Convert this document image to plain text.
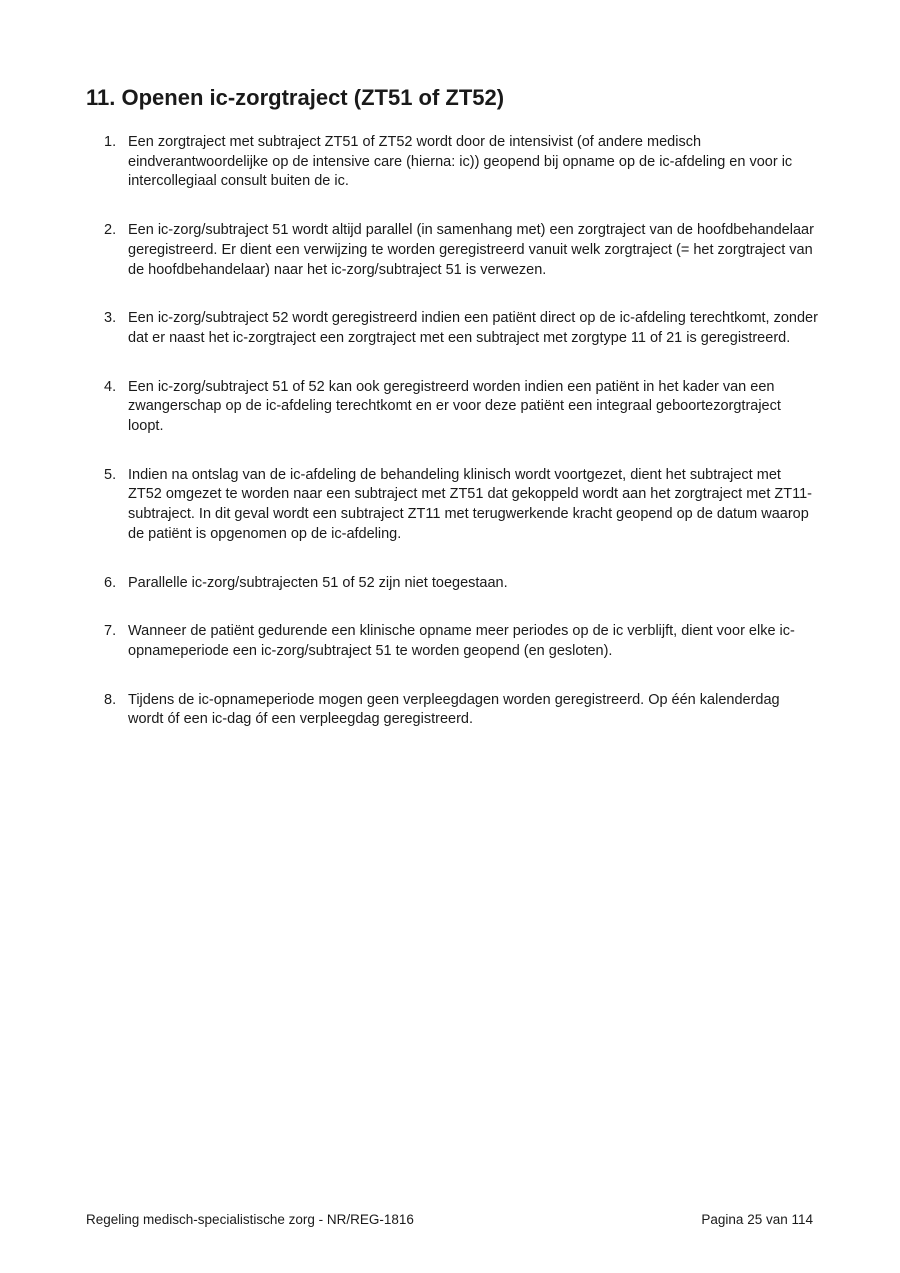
11. Openen ic-zorgtraject (ZT51 of ZT52)
1. Een zorgtraject met subtraject ZT51 of ZT52 wordt door de intensivist (of andere medisch eindverantwoordelijke op de intensive care (hierna: ic)) geopend bij opname op de ic-afdeling en voor ic intercollegiaal consult buiten de ic.
2. Een ic-zorg/subtraject 51 wordt altijd parallel (in samenhang met) een zorgtraject van de hoofdbehandelaar geregistreerd. Er dient een verwijzing te worden geregistreerd vanuit welk zorgtraject (= het zorgtraject van de hoofdbehandelaar) naar het ic-zorg/subtraject 51 is verwezen.
3. Een ic-zorg/subtraject 52 wordt geregistreerd indien een patiënt direct op de ic-afdeling terechtkomt, zonder dat er naast het ic-zorgtraject een zorgtraject met een subtraject met zorgtype 11 of 21 is geregistreerd.
4. Een ic-zorg/subtraject 51 of 52 kan ook geregistreerd worden indien een patiënt in het kader van een zwangerschap op de ic-afdeling terechtkomt en er voor deze patiënt een integraal geboortezorgtraject loopt.
5. Indien na ontslag van de ic-afdeling de behandeling klinisch wordt voortgezet, dient het subtraject met ZT52 omgezet te worden naar een subtraject met ZT51 dat gekoppeld wordt aan het zorgtraject met ZT11-subtraject. In dit geval wordt een subtraject ZT11 met terugwerkende kracht geopend op de datum waarop de patiënt is opgenomen op de ic-afdeling.
6. Parallelle ic-zorg/subtrajecten 51 of 52 zijn niet toegestaan.
7. Wanneer de patiënt gedurende een klinische opname meer periodes op de ic verblijft, dient voor elke ic-opnameperiode een ic-zorg/subtraject 51 te worden geopend (en gesloten).
8. Tijdens de ic-opnameperiode mogen geen verpleegdagen worden geregistreerd. Op één kalenderdag wordt óf een ic-dag óf een verpleegdag geregistreerd.
Regeling medisch-specialistische zorg - NR/REG-1816	Pagina 25 van 114
